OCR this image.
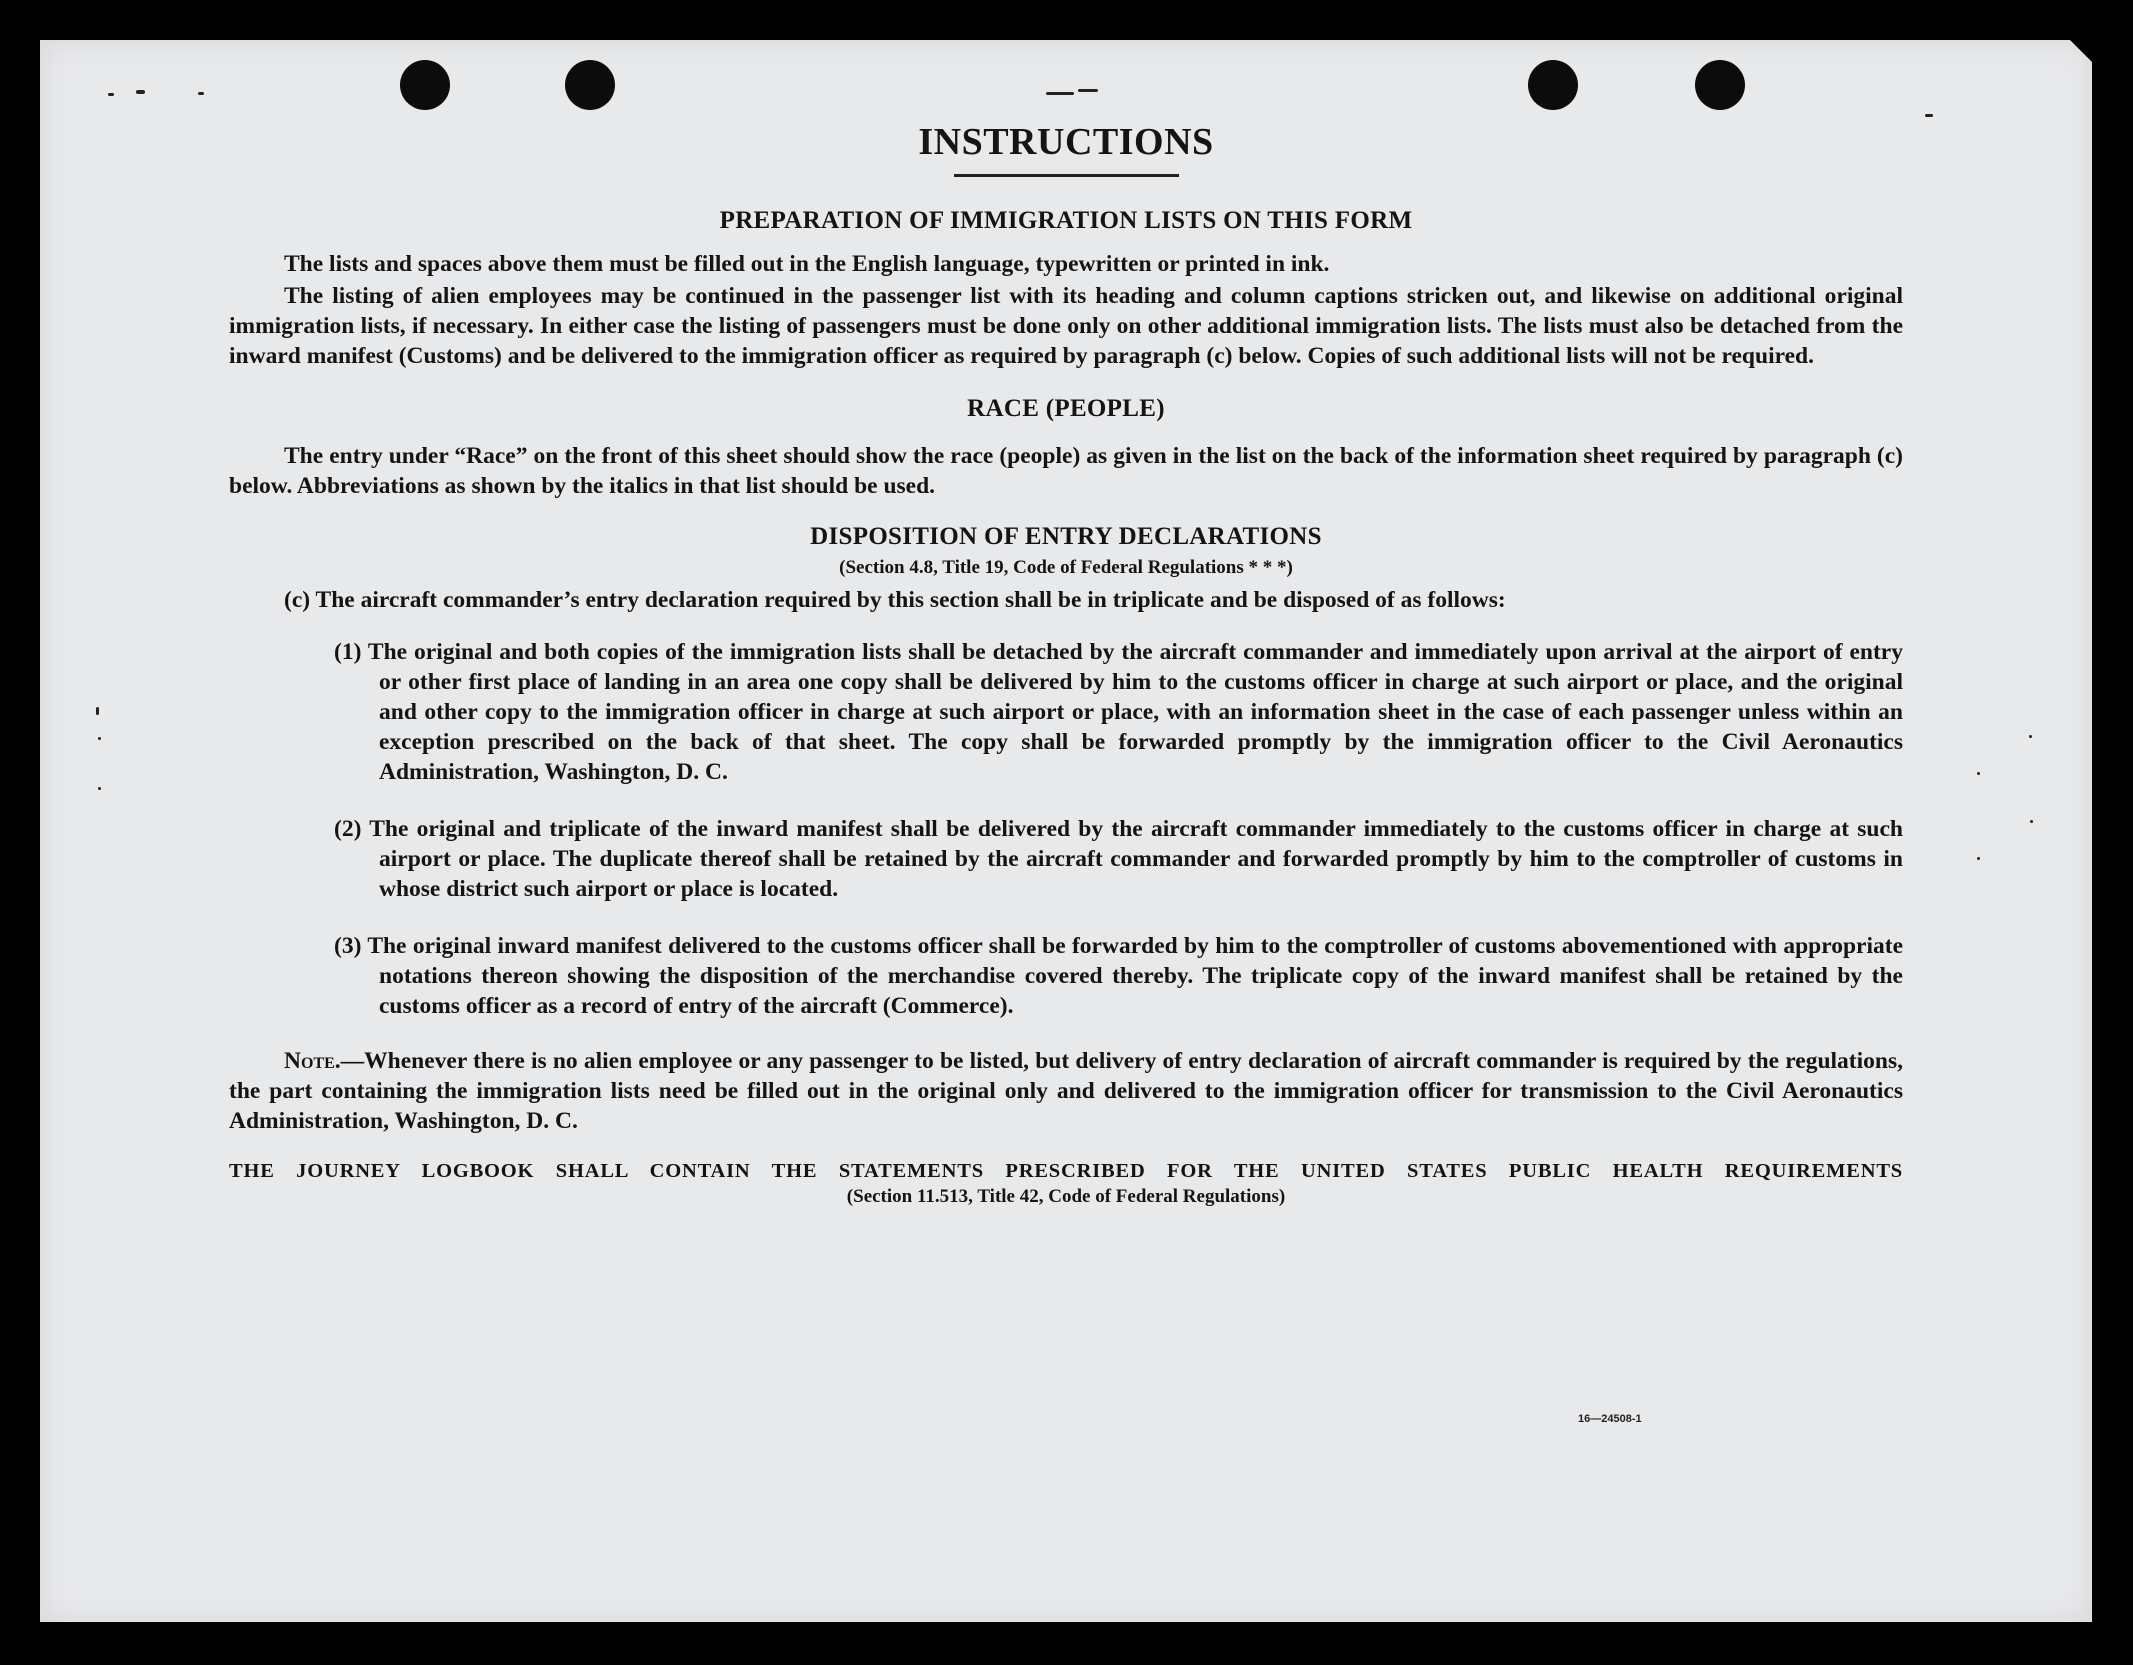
INSTRUCTIONS
PREPARATION OF IMMIGRATION LISTS ON THIS FORM

The lists and spaces above them must be filled out in the English language, typewritten or printed in ink.

The listing of alien employees may be continued in the passenger list with its heading and column captions stricken out, and likewise on additional original immigration lists, if necessary. In either case the listing of passengers must be done only on other additional immigration lists. The lists must also be detached from the inward manifest (Customs) and be delivered to the immigration officer as required by paragraph (c) below. Copies of such additional lists will not be required.

RACE (PEOPLE)

The entry under “Race” on the front of this sheet should show the race (people) as given in the list on the back of the information sheet required by paragraph (c) below. Abbreviations as shown by the italics in that list should be used.

DISPOSITION OF ENTRY DECLARATIONS
(Section 4.8, Title 19, Code of Federal Regulations * * *)

(c) The aircraft commander’s entry declaration required by this section shall be in triplicate and be disposed of as follows:

(1) The original and both copies of the immigration lists shall be detached by the aircraft commander and immediately upon arrival at the airport of entry or other first place of landing in an area one copy shall be delivered by him to the customs officer in charge at such airport or place, and the original and other copy to the immigration officer in charge at such airport or place, with an information sheet in the case of each passenger unless within an exception prescribed on the back of that sheet. The copy shall be forwarded promptly by the immigration officer to the Civil Aeronautics Administration, Washington, D. C.

(2) The original and triplicate of the inward manifest shall be delivered by the aircraft commander immediately to the customs officer in charge at such airport or place. The duplicate thereof shall be retained by the aircraft commander and forwarded promptly by him to the comptroller of customs in whose district such airport or place is located.

(3) The original inward manifest delivered to the customs officer shall be forwarded by him to the comptroller of customs abovementioned with appropriate notations thereon showing the disposition of the merchandise covered thereby. The triplicate copy of the inward manifest shall be retained by the customs officer as a record of entry of the aircraft (Commerce).

Note.—Whenever there is no alien employee or any passenger to be listed, but delivery of entry declaration of aircraft commander is required by the regulations, the part containing the immigration lists need be filled out in the original only and delivered to the immigration officer for transmission to the Civil Aeronautics Administration, Washington, D. C.

THE JOURNEY LOGBOOK SHALL CONTAIN THE STATEMENTS PRESCRIBED FOR THE UNITED STATES PUBLIC HEALTH REQUIREMENTS
(Section 11.513, Title 42, Code of Federal Regulations)
16—24508-1
